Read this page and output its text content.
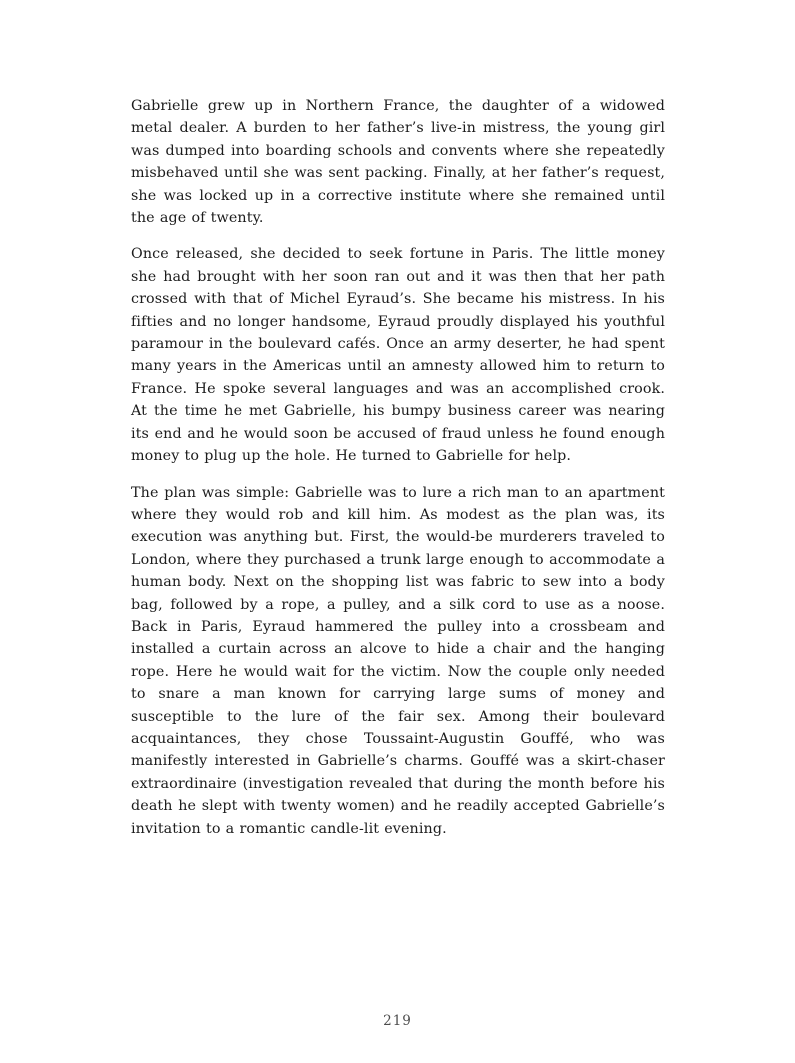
Gabrielle grew up in Northern France, the daughter of a widowed metal dealer. A burden to her father’s live-in mistress, the young girl was dumped into boarding schools and convents where she repeatedly misbehaved until she was sent packing. Finally, at her father’s request, she was locked up in a corrective institute where she remained until the age of twenty.

Once released, she decided to seek fortune in Paris. The little money she had brought with her soon ran out and it was then that her path crossed with that of Michel Eyraud’s. She became his mistress. In his fifties and no longer handsome, Eyraud proudly displayed his youthful paramour in the boulevard cafés. Once an army deserter, he had spent many years in the Americas until an amnesty allowed him to return to France. He spoke several languages and was an accomplished crook. At the time he met Gabrielle, his bumpy business career was nearing its end and he would soon be accused of fraud unless he found enough money to plug up the hole. He turned to Gabrielle for help.

The plan was simple: Gabrielle was to lure a rich man to an apartment where they would rob and kill him. As modest as the plan was, its execution was anything but. First, the would-be murderers traveled to London, where they purchased a trunk large enough to accommodate a human body. Next on the shopping list was fabric to sew into a body bag, followed by a rope, a pulley, and a silk cord to use as a noose. Back in Paris, Eyraud hammered the pulley into a crossbeam and installed a curtain across an alcove to hide a chair and the hanging rope. Here he would wait for the victim. Now the couple only needed to snare a man known for carrying large sums of money and susceptible to the lure of the fair sex. Among their boulevard acquaintances, they chose Toussaint-Augustin Gouffé, who was manifestly interested in Gabrielle’s charms. Gouffé was a skirt-chaser extraordinaire (investigation revealed that during the month before his death he slept with twenty women) and he readily accepted Gabrielle’s invitation to a romantic candle-lit evening.

219
